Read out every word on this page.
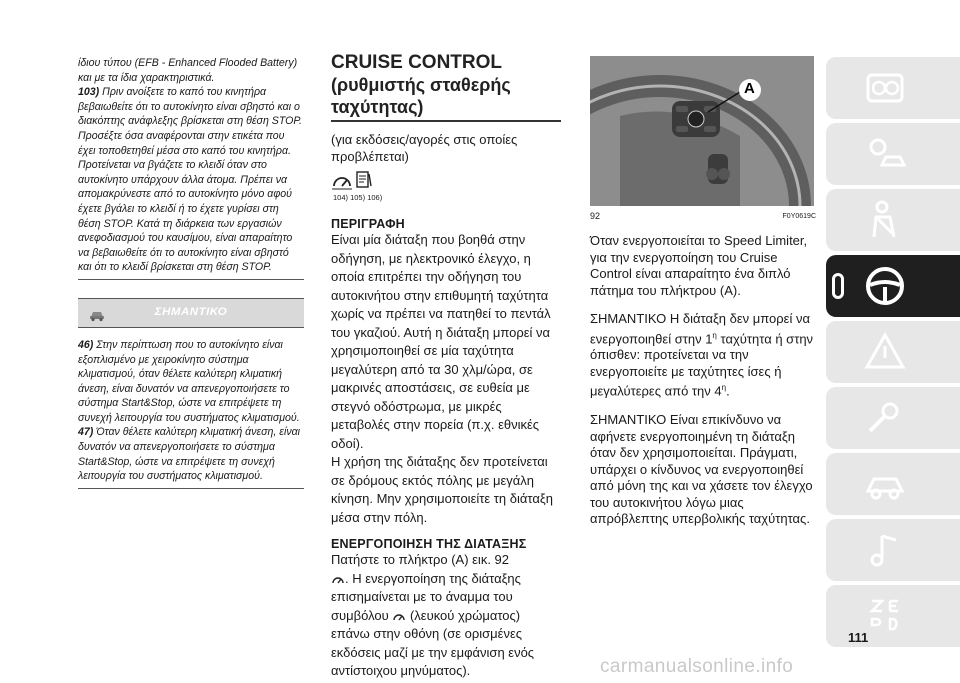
ίδιου τύπου (EFB - Enhanced Flooded Battery) και με τα ίδια χαρακτηριστικά.

103) Πριν ανοίξετε το καπό του κινητήρα βεβαιωθείτε ότι το αυτοκίνητο είναι σβηστό και ο διακόπτης ανάφλεξης βρίσκεται στη θέση STOP. Προσέξτε όσα αναφέρονται στην ετικέτα που έχει τοποθετηθεί μέσα στο καπό του κινητήρα. Προτείνεται να βγάζετε το κλειδί όταν στο αυτοκίνητο υπάρχουν άλλα άτομα. Πρέπει να απομακρύνεστε από το αυτοκίνητο μόνο αφού έχετε βγάλει το κλειδί ή το έχετε γυρίσει στη θέση STOP. Κατά τη διάρκεια των εργασιών ανεφοδιασμού του καυσίμου, είναι απαραίτητο να βεβαιωθείτε ότι το αυτοκίνητο είναι σβηστό και ότι το κλειδί βρίσκεται στη θέση STOP.

ΣΗΜΑΝΤΙΚΟ

46) Στην περίπτωση που το αυτοκίνητο είναι εξοπλισμένο με χειροκίνητο σύστημα κλιματισμού, όταν θέλετε καλύτερη κλιματική άνεση, είναι δυνατόν να απενεργοποιήσετε το σύστημα Start&Stop, ώστε να επιτρέψετε τη συνεχή λειτουργία του συστήματος κλιματισμού.

47) Όταν θέλετε καλύτερη κλιματική άνεση, είναι δυνατόν να απενεργοποιήσετε το σύστημα Start&Stop, ώστε να επιτρέψετε τη συνεχή λειτουργία του συστήματος κλιματισμού.

CRUISE CONTROL
(ρυθμιστής σταθερής ταχύτητας)
(για εκδόσεις/αγορές στις οποίες προβλέπεται)
104) 105) 106)
ΠΕΡΙΓΡΑΦΗ

Είναι μία διάταξη που βοηθά στην οδήγηση, με ηλεκτρονικό έλεγχο, η οποία επιτρέπει την οδήγηση του αυτοκινήτου στην επιθυμητή ταχύτητα χωρίς να πρέπει να πατηθεί το πεντάλ του γκαζιού. Αυτή η διάταξη μπορεί να χρησιμοποιηθεί σε μία ταχύτητα μεγαλύτερη από τα 30 χλμ/ώρα, σε μακρινές αποστάσεις, σε ευθεία με στεγνό οδόστρωμα, με μικρές μεταβολές στην πορεία (π.χ. εθνικές οδοί).

Η χρήση της διάταξης δεν προτείνεται σε δρόμους εκτός πόλης με μεγάλη κίνηση. Μην χρησιμοποιείτε τη διάταξη μέσα στην πόλη.

ΕΝΕΡΓΟΠΟΙΗΣΗ ΤΗΣ ΔΙΑΤΑΞΗΣ

Πατήστε το πλήκτρο (A) εικ. 92
. Η ενεργοποίηση της διάταξης επισημαίνεται με το άναμμα του συμβόλου  (λευκού χρώματος) επάνω στην οθόνη (σε ορισμένες εκδόσεις μαζί με την εμφάνιση ενός αντίστοιχου μηνύματος).

A
92	F0Y0619C

Όταν ενεργοποιείται το Speed Limiter, για την ενεργοποίηση του Cruise Control είναι απαραίτητο ένα διπλό πάτημα του πλήκτρου (A).

ΣΗΜΑΝΤΙΚΟ Η διάταξη δεν μπορεί να ενεργοποιηθεί στην $1^\eta$ ταχύτητα ή στην όπισθεν: προτείνεται να την ενεργοποιείτε με ταχύτητες ίσες ή μεγαλύτερες από την $4^\eta$.

ΣΗΜΑΝΤΙΚΟ Είναι επικίνδυνο να αφήνετε ενεργοποιημένη τη διάταξη όταν δεν χρησιμοποιείται. Πράγματι, υπάρχει ο κίνδυνος να ενεργοποιηθεί από μόνη της και να χάσετε τον έλεγχο του αυτοκινήτου λόγω μιας απρόβλεπτης υπερβολικής ταχύτητας.

111
carmanualsonline.info
